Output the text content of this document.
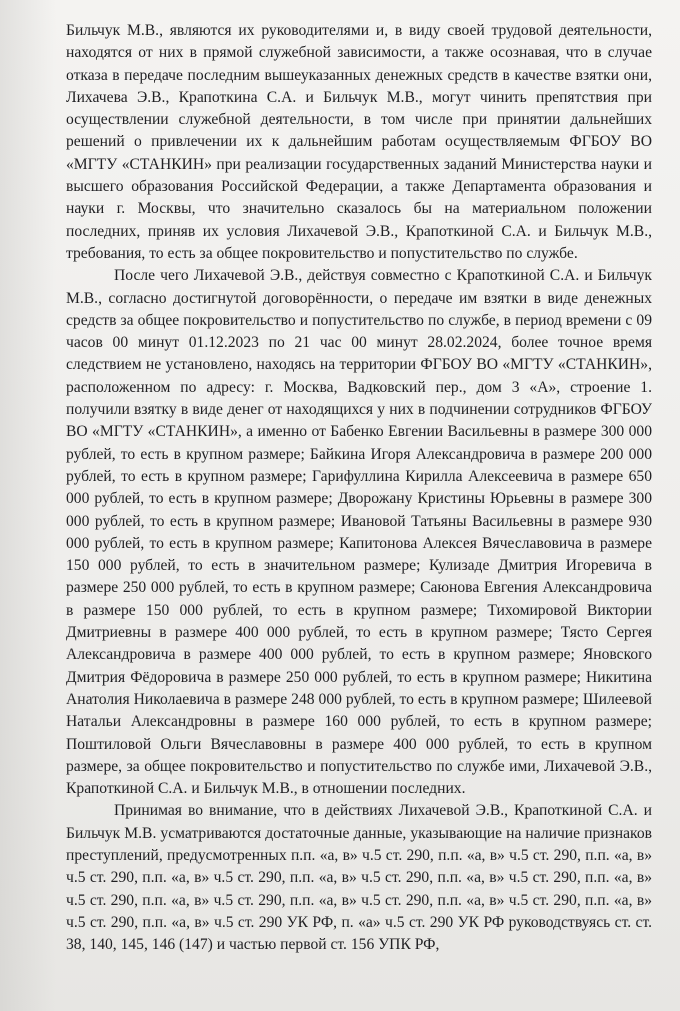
Бильчук М.В., являются их руководителями и, в виду своей трудовой деятельности, находятся от них в прямой служебной зависимости, а также осознавая, что в случае отказа в передаче последним вышеуказанных денежных средств в качестве взятки они, Лихачева Э.В., Крапоткина С.А. и Бильчук М.В., могут чинить препятствия при осуществлении служебной деятельности, в том числе при принятии дальнейших решений о привлечении их к дальнейшим работам осуществляемым ФГБОУ ВО «МГТУ «СТАНКИН» при реализации государственных заданий Министерства науки и высшего образования Российской Федерации, а также Департамента образования и науки г. Москвы, что значительно сказалось бы на материальном положении последних, приняв их условия Лихачевой Э.В., Крапоткиной С.А. и Бильчук М.В., требования, то есть за общее покровительство и попустительство по службе.

После чего Лихачевой Э.В., действуя совместно с Крапоткиной С.А. и Бильчук М.В., согласно достигнутой договорённости, о передаче им взятки в виде денежных средств за общее покровительство и попустительство по службе, в период времени с 09 часов 00 минут 01.12.2023 по 21 час 00 минут 28.02.2024, более точное время следствием не установлено, находясь на территории ФГБОУ ВО «МГТУ «СТАНКИН», расположенном по адресу: г. Москва, Вадковский пер., дом 3 «А», строение 1. получили взятку в виде денег от находящихся у них в подчинении сотрудников ФГБОУ ВО «МГТУ «СТАНКИН», а именно от Бабенко Евгении Васильевны в размере 300 000 рублей, то есть в крупном размере; Байкина Игоря Александровича в размере 200 000 рублей, то есть в крупном размере; Гарифуллина Кирилла Алексеевича в размере 650 000 рублей, то есть в крупном размере; Дворожану Кристины Юрьевны в размере 300 000 рублей, то есть в крупном размере; Ивановой Татьяны Васильевны в размере 930 000 рублей, то есть в крупном размере; Капитонова Алексея Вячеславовича в размере 150 000 рублей, то есть в значительном размере; Кулизаде Дмитрия Игоревича в размере 250 000 рублей, то есть в крупном размере; Саюнова Евгения Александровича в размере 150 000 рублей, то есть в крупном размере; Тихомировой Виктории Дмитриевны в размере 400 000 рублей, то есть в крупном размере; Тясто Сергея Александровича в размере 400 000 рублей, то есть в крупном размере; Яновского Дмитрия Фёдоровича в размере 250 000 рублей, то есть в крупном размере; Никитина Анатолия Николаевича в размере 248 000 рублей, то есть в крупном размере; Шилеевой Натальи Александровны в размере 160 000 рублей, то есть в крупном размере; Поштиловой Ольги Вячеславовны в размере 400 000 рублей, то есть в крупном размере, за общее покровительство и попустительство по службе ими, Лихачевой Э.В., Крапоткиной С.А. и Бильчук М.В., в отношении последних.

Принимая во внимание, что в действиях Лихачевой Э.В., Крапоткиной С.А. и Бильчук М.В. усматриваются достаточные данные, указывающие на наличие признаков преступлений, предусмотренных п.п. «а, в» ч.5 ст. 290, п.п. «а, в» ч.5 ст. 290, п.п. «а, в» ч.5 ст. 290, п.п. «а, в» ч.5 ст. 290, п.п. «а, в» ч.5 ст. 290, п.п. «а, в» ч.5 ст. 290, п.п. «а, в» ч.5 ст. 290, п.п. «а, в» ч.5 ст. 290, п.п. «а, в» ч.5 ст. 290, п.п. «а, в» ч.5 ст. 290, п.п. «а, в» ч.5 ст. 290, п.п. «а, в» ч.5 ст. 290 УК РФ, п. «а» ч.5 ст. 290 УК РФ руководствуясь ст. ст. 38, 140, 145, 146 (147) и частью первой ст. 156 УПК РФ,
